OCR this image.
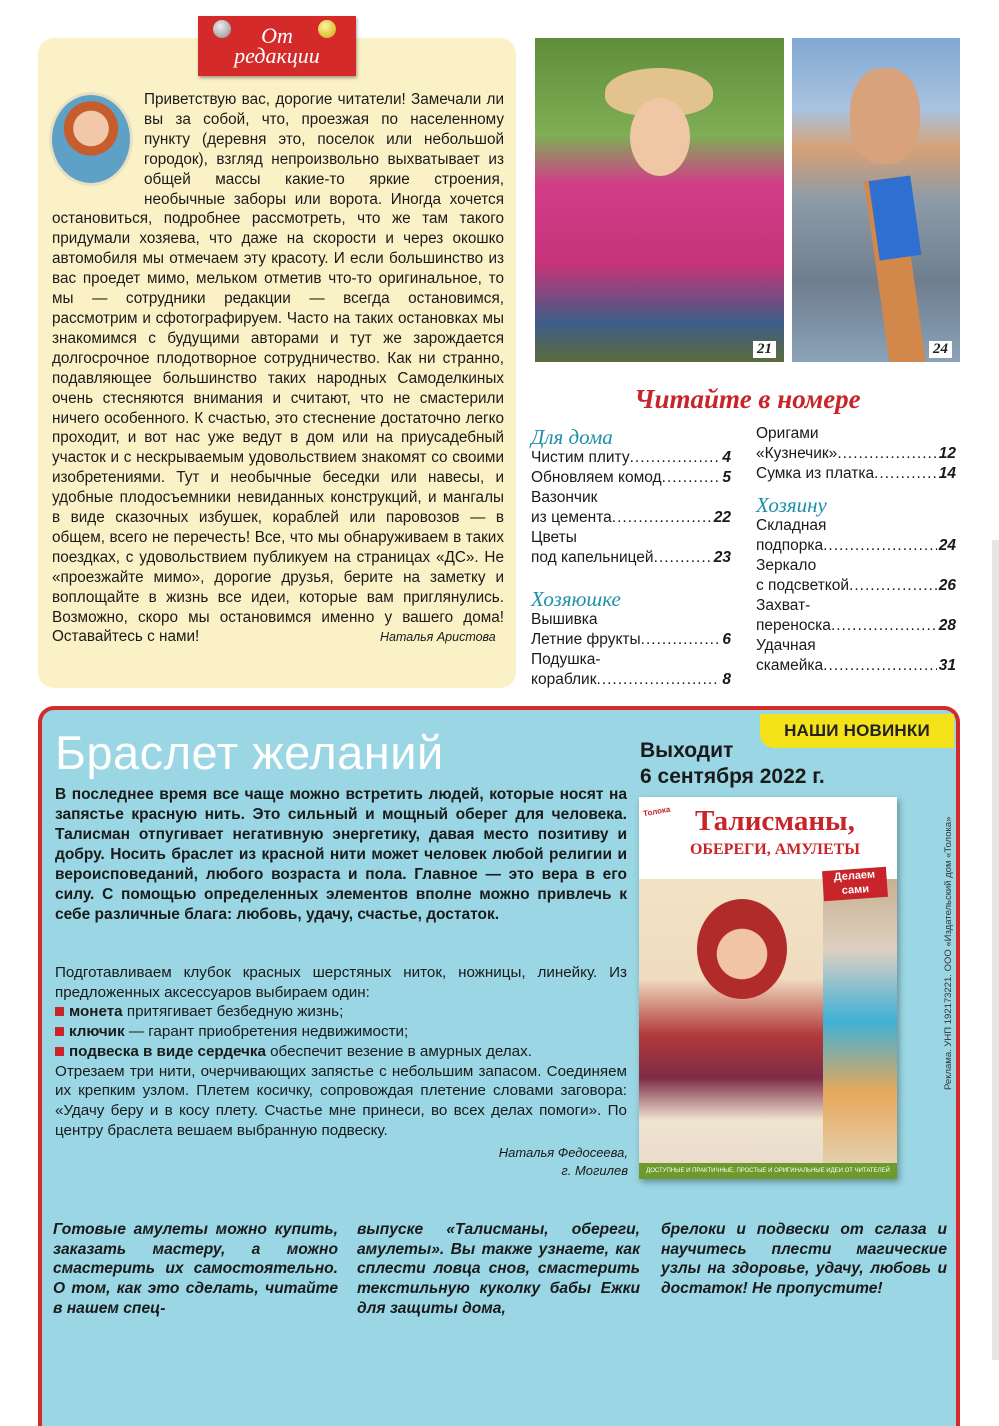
От
редакции
Приветствую вас, дорогие читатели! Замечали ли вы за собой, что, проезжая по населенному пункту (деревня это, поселок или небольшой городок), взгляд непроизвольно выхватывает из общей массы какие-то яркие строения, необычные заборы или ворота. Иногда хочется остановиться, подробнее рассмотреть, что же там такого придумали хозяева, что даже на скорости и через окошко автомобиля мы отмечаем эту красоту. И если большинство из вас проедет мимо, мельком отметив что-то оригинальное, то мы — сотрудники редакции — всегда остановимся, рассмотрим и сфотографируем. Часто на таких остановках мы знакомимся с будущими авторами и тут же зарождается долгосрочное плодотворное сотрудничество. Как ни странно, подавляющее большинство таких народных Самоделкиных очень стесняются внимания и считают, что не смастерили ничего особенного. К счастью, это стеснение достаточно легко проходит, и вот нас уже ведут в дом или на приусадебный участок и с нескрываемым удовольствием знакомят со своими изобретениями. Тут и необычные беседки или навесы, и удобные плодосъемники невиданных конструкций, и мангалы в виде сказочных избушек, кораблей или паровозов — в общем, всего не перечесть! Все, что мы обнаруживаем в таких поездках, с удовольствием публикуем на страницах «ДС». Не «проезжайте мимо», дорогие друзья, берите на заметку и воплощайте в жизнь все идеи, которые вам приглянулись. Возможно, скоро мы остановимся именно у вашего дома! Оставайтесь с нами!	Наталья Аристова
21	24
Читайте в номере
Для дома
Чистим плиту .....	4
Обновляем комод .....	5
Вазончик
из цемента .....	22
Цветы
под капельницей .....	23
Хозяюшке
Вышивка
Летние фрукты .....	6
Подушка-
кораблик .....	8
Оригами
«Кузнечик» .....	12
Сумка из платка .....	14
Хозяину
Складная
подпорка .....	24
Зеркало
с подсветкой .....	26
Захват-
переноска .....	28
Удачная
скамейка .....	31
НАШИ НОВИНКИ
Браслет желаний	Выходит
6 сентября 2022 г.
В последнее время все чаще можно встретить людей, которые носят на запястье красную нить. Это сильный и мощный оберег для человека. Талисман отпугивает негативную энергетику, давая место позитиву и добру. Носить браслет из красной нити может человек любой религии и вероисповеданий, любого возраста и пола. Главное — это вера в его силу. С помощью определенных элементов вполне можно привлечь к себе различные блага: любовь, удачу, счастье, достаток.
Подготавливаем клубок красных шерстяных ниток, ножницы, линейку. Из предложенных аксессуаров выбираем один:
монета притягивает безбедную жизнь;
ключик — гарант приобретения недвижимости;
подвеска в виде сердечка обеспечит везение в амурных делах.
Отрезаем три нити, очерчивающих запястье с небольшим запасом. Соединяем их крепким узлом. Плетем косичку, сопровождая плетение словами заговора: «Удачу беру и в косу плету. Счастье мне принеси, во всех делах помоги». По центру браслета вешаем выбранную подвеску.
Наталья Федосеева,
г. Могилев
Толока Талисманы,
ОБЕРЕГИ, АМУЛЕТЫ
Делаем сами
ДОСТУПНЫЕ И ПРАКТИЧНЫЕ, ПРОСТЫЕ И ОРИГИНАЛЬНЫЕ ИДЕИ ОТ ЧИТАТЕЛЕЙ
Реклама. УНП 192173221. ООО «Издательский дом «Толока»
Готовые амулеты можно купить, заказать мастеру, а можно смастерить их самостоятельно. О том, как это сделать, читайте в нашем спец-
выпуске «Талисманы, обереги, амулеты». Вы также узнаете, как сплести ловца снов, смастерить текстильную куколку бабы Ежки для защиты дома,
брелоки и подвески от сглаза и научитесь плести магические узлы на здоровье, удачу, любовь и достаток! Не пропустите!
